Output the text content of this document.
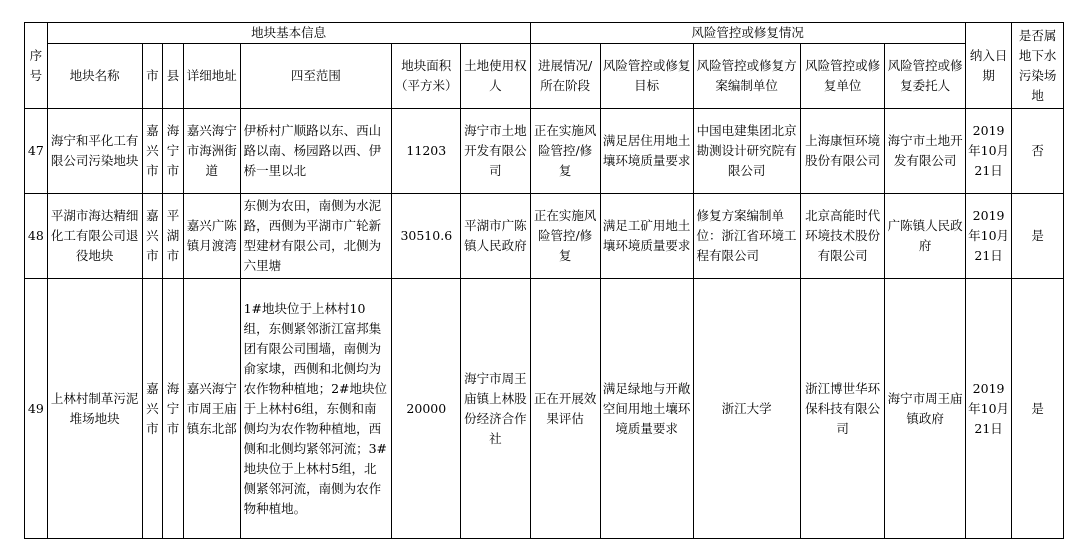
序号	地块基本信息							风险管控或修复情况					纳入日期	是否属地下水污染场地
	地块名称	市	县	详细地址	四至范围	地块面积（平方米）	土地使用权人	进展情况/所在阶段	风险管控或修复目标	风险管控或修复方案编制单位	风险管控或修复单位	风险管控或修复委托人		
47	海宁和平化工有限公司污染地块	嘉兴市	海宁市	嘉兴海宁市海洲街道	伊桥村广顺路以东、西山路以南、杨园路以西、伊桥一里以北	11203	海宁市土地开发有限公司	正在实施风险管控/修复	满足居住用地土壤环境质量要求	中国电建集团北京勘测设计研究院有限公司	上海康恒环境股份有限公司	海宁市土地开发有限公司	2019年10月21日	否
48	平湖市海达精细化工有限公司退役地块	嘉兴市	平湖市	嘉兴广陈镇月渡湾	东侧为农田，南侧为水泥路，西侧为平湖市广轮新型建材有限公司，北侧为六里塘	30510.6	平湖市广陈镇人民政府	正在实施风险管控/修复	满足工矿用地土壤环境质量要求	修复方案编制单位：浙江省环境工程有限公司	北京高能时代环境技术股份有限公司	广陈镇人民政府	2019年10月21日	是
49	上林村制革污泥堆场地块	嘉兴市	海宁市	嘉兴海宁市周王庙镇东北部	1#地块位于上林村10组，东侧紧邻浙江富邦集团有限公司围墙，南侧为俞家埭，西侧和北侧均为农作物种植地；2#地块位于上林村6组，东侧和南侧均为农作物种植地，西侧和北侧均紧邻河流；3#地块位于上林村5组，北侧紧邻河流，南侧为农作物种植地。	20000	海宁市周王庙镇上林股份经济合作社	正在开展效果评估	满足绿地与开敞空间用地土壤环境质量要求	浙江大学	浙江博世华环保科技有限公司	海宁市周王庙镇政府	2019年10月21日	是
